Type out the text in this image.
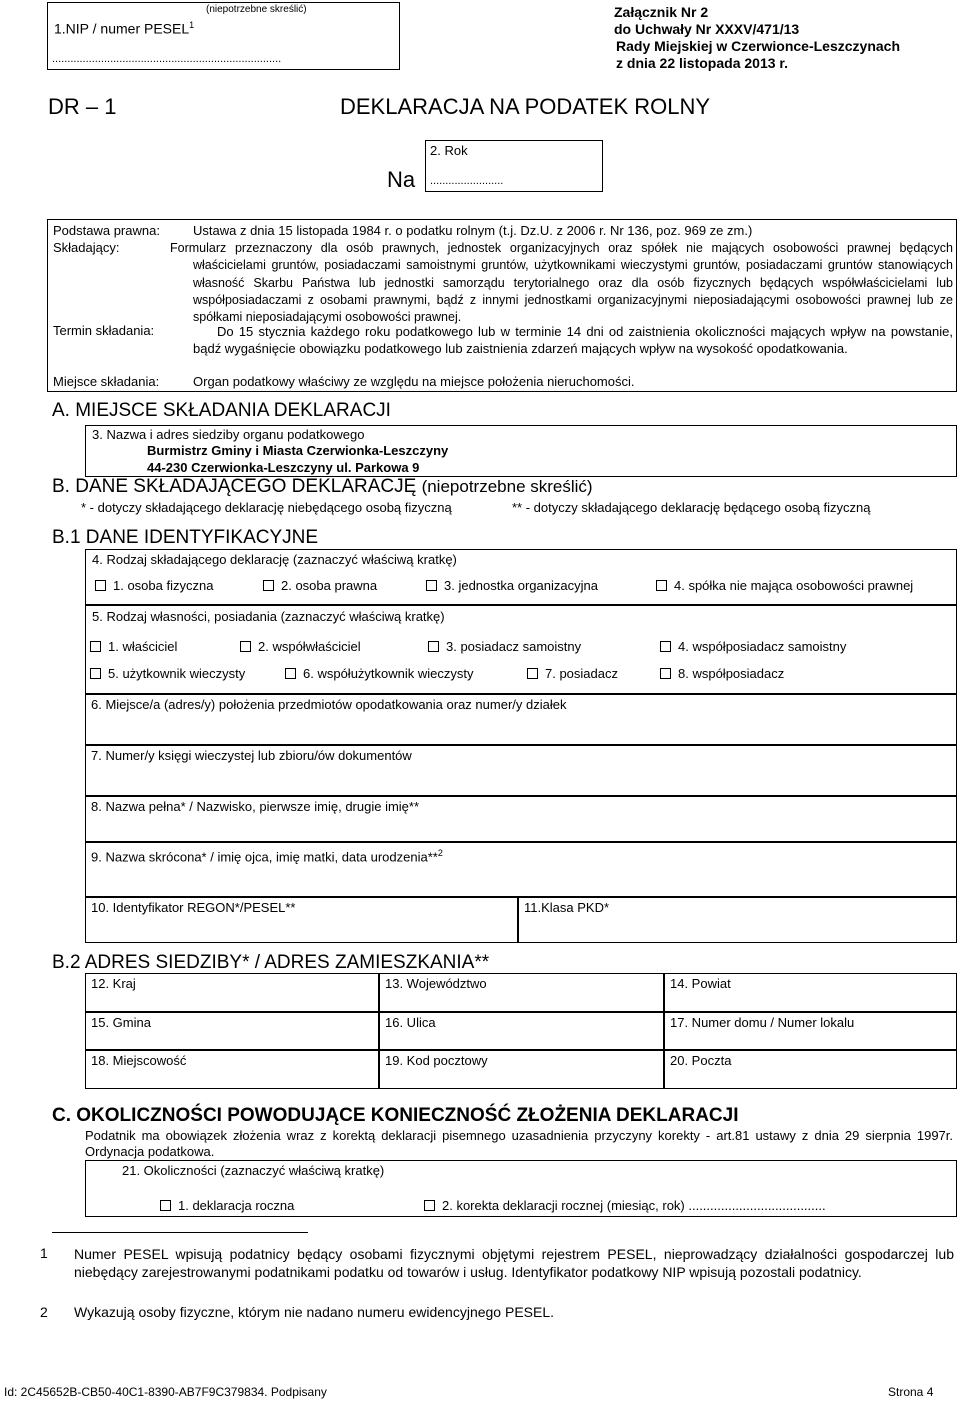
(niepotrzebne skreślić)
1.NIP / numer PESEL$^1$
...........................................................................
Załącznik Nr 2
do Uchwały Nr XXXV/471/13
Rady Miejskiej w Czerwionce-Leszczynach
z dnia 22 listopada 2013 r.
DR – 1	DEKLARACJA NA PODATEK ROLNY
Na
2. Rok
........................
Podstawa prawna:	Ustawa z dnia 15 listopada 1984 r. o podatku rolnym (t.j. Dz.U. z 2006 r. Nr 136, poz. 969 ze zm.)
Składający:	Formularz przeznaczony dla osób prawnych, jednostek organizacyjnych oraz spółek nie mających osobowości prawnej będących właścicielami gruntów, posiadaczami samoistnymi gruntów, użytkownikami wieczystymi gruntów, posiadaczami gruntów stanowiących własność Skarbu Państwa lub jednostki samorządu terytorialnego oraz dla osób fizycznych będących współwłaścicielami lub współposiadaczami z osobami prawnymi, bądź z innymi jednostkami organizacyjnymi nieposiadającymi osobowości prawnej lub ze spółkami nieposiadającymi osobowości prawnej.
Termin składania:	Do 15 stycznia każdego roku podatkowego lub w terminie 14 dni od zaistnienia okoliczności mających wpływ na powstanie, bądź wygaśnięcie obowiązku podatkowego lub zaistnienia zdarzeń mających wpływ na wysokość opodatkowania.
Miejsce składania:	Organ podatkowy właściwy ze względu na miejsce położenia nieruchomości.
A. MIEJSCE SKŁADANIA DEKLARACJI
3. Nazwa i adres siedziby organu podatkowego
Burmistrz Gminy i Miasta Czerwionka-Leszczyny
44-230 Czerwionka-Leszczyny ul. Parkowa 9
B. DANE SKŁADAJĄCEGO DEKLARACJĘ (niepotrzebne skreślić)
* - dotyczy składającego deklarację niebędącego osobą fizyczną	** - dotyczy składającego deklarację będącego osobą fizyczną
B.1 DANE IDENTYFIKACYJNE
4. Rodzaj składającego deklarację (zaznaczyć właściwą kratkę)
1. osoba fizyczna	2. osoba prawna	3. jednostka organizacyjna	4. spółka nie mająca osobowości prawnej
5. Rodzaj własności, posiadania (zaznaczyć właściwą kratkę)
1. właściciel	2. współwłaściciel	3. posiadacz samoistny	4. współposiadacz samoistny
5. użytkownik wieczysty	6. współużytkownik wieczysty	7. posiadacz	8. współposiadacz
6. Miejsce/a (adres/y) położenia przedmiotów opodatkowania oraz numer/y działek
7. Numer/y księgi wieczystej lub zbioru/ów dokumentów
8. Nazwa pełna* / Nazwisko, pierwsze imię, drugie imię**
9. Nazwa skrócona* / imię ojca, imię matki, data urodzenia**$^2$
10. Identyfikator REGON*/PESEL**	11.Klasa PKD*
B.2 ADRES SIEDZIBY* / ADRES ZAMIESZKANIA**
12. Kraj	13. Województwo	14. Powiat
15. Gmina	16. Ulica	17. Numer domu / Numer lokalu
18. Miejscowość	19. Kod pocztowy	20. Poczta
C. OKOLICZNOŚCI POWODUJĄCE KONIECZNOŚĆ ZŁOŻENIA DEKLARACJI
Podatnik ma obowiązek złożenia wraz z korektą deklaracji pisemnego uzasadnienia przyczyny korekty - art.81 ustawy z dnia 29 sierpnia 1997r. Ordynacja podatkowa.
21. Okoliczności (zaznaczyć właściwą kratkę)
1. deklaracja roczna	2. korekta deklaracji rocznej (miesiąc, rok) ......................................
1 Numer PESEL wpisują podatnicy będący osobami fizycznymi objętymi rejestrem PESEL, nieprowadzący działalności gospodarczej lub niebędący zarejestrowanymi podatnikami podatku od towarów i usług. Identyfikator podatkowy NIP wpisują pozostali podatnicy.
2 Wykazują osoby fizyczne, którym nie nadano numeru ewidencyjnego PESEL.
Id: 2C45652B-CB50-40C1-8390-AB7F9C379834. Podpisany	Strona 4
